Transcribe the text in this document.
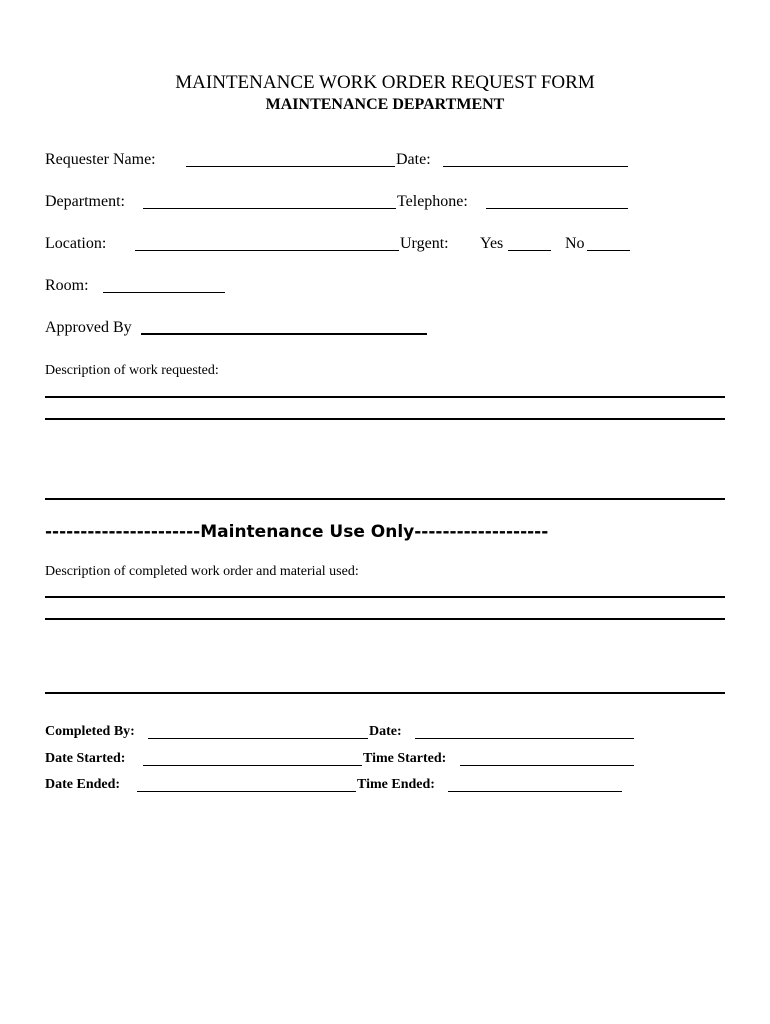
MAINTENANCE WORK ORDER REQUEST FORM
MAINTENANCE DEPARTMENT
Requester Name:	Date:
Department:	Telephone:
Location:	Urgent: Yes	No
Room:
Approved By
Description of work requested:
----------------------Maintenance Use Only-------------------
Description of completed work order and material used:
Completed By:	Date:
Date Started:	Time Started:
Date Ended:	Time Ended:
